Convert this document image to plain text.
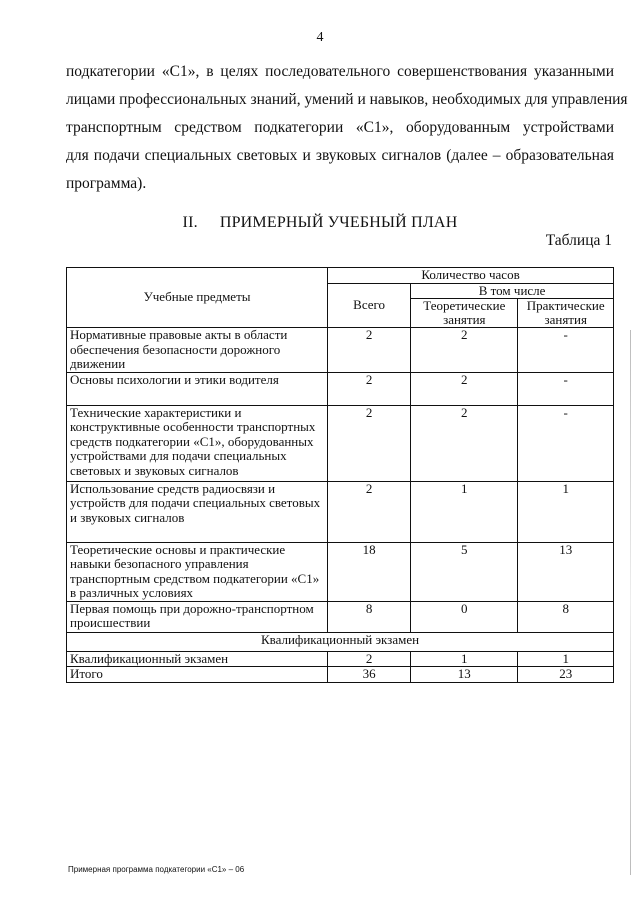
4
подкатегории «С1», в целях последовательного совершенствования указанными
лицами профессиональных знаний, умений и навыков, необходимых для управления
транспортным средством подкатегории «С1», оборудованным устройствами
для подачи специальных световых и звуковых сигналов (далее – образовательная
программа).
II. ПРИМЕРНЫЙ УЧЕБНЫЙ ПЛАН
Таблица 1
Учебные предметы	Количество часов		
	Всего	В том числе	
		Теоретические занятия	Практические занятия
Нормативные правовые акты в области обеспечения безопасности дорожного движении	2	2	-
Основы психологии и этики водителя	2	2	-
Технические характеристики и конструктивные особенности транспортных средств подкатегории «С1», оборудованных устройствами для подачи специальных световых и звуковых сигналов	2	2	-
Использование средств радиосвязи и устройств для подачи специальных световых и звуковых сигналов	2	1	1
Теоретические основы и практические навыки безопасного управления транспортным средством подкатегории «С1» в различных условиях	18	5	13
Первая помощь при дорожно-транспортном происшествии	8	0	8
Квалификационный экзамен			
Квалификационный экзамен	2	1	1
Итого	36	13	23
Примерная программа подкатегории «С1» – 06
